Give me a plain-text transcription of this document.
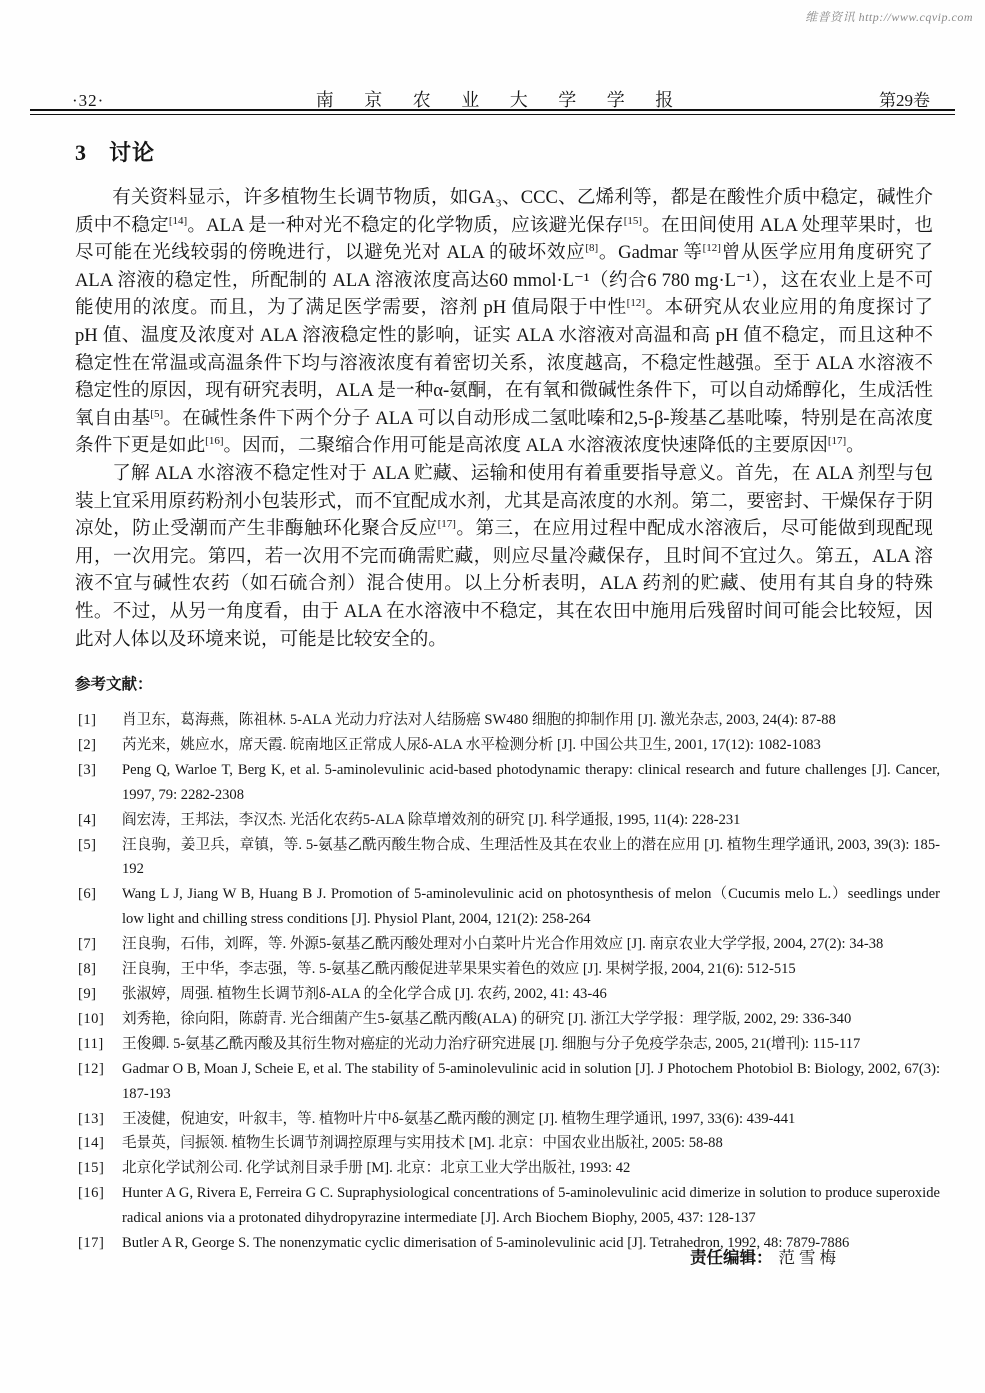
维普资讯 http://www.cqvip.com
·32·	南 京 农 业 大 学 学 报	第29卷
3 讨论

有关资料显示，许多植物生长调节物质，如GA₃、CCC、乙烯利等，都是在酸性介质中稳定，碱性介质中不稳定[14]。ALA 是一种对光不稳定的化学物质，应该避光保存[15]。在田间使用 ALA 处理苹果时，也尽可能在光线较弱的傍晚进行，以避免光对 ALA 的破坏效应[8]。Gadmar 等[12]曾从医学应用角度研究了 ALA 溶液的稳定性，所配制的 ALA 溶液浓度高达60 mmol·L⁻¹（约合6 780 mg·L⁻¹），这在农业上是不可能使用的浓度。而且，为了满足医学需要，溶剂 pH 值局限于中性[12]。本研究从农业应用的角度探讨了 pH 值、温度及浓度对 ALA 溶液稳定性的影响，证实 ALA 水溶液对高温和高 pH 值不稳定，而且这种不稳定性在常温或高温条件下均与溶液浓度有着密切关系，浓度越高，不稳定性越强。至于 ALA 水溶液不稳定性的原因，现有研究表明，ALA 是一种α-氨酮，在有氧和微碱性条件下，可以自动烯醇化，生成活性氧自由基[5]。在碱性条件下两个分子 ALA 可以自动形成二氢吡嗪和2,5-β-羧基乙基吡嗪，特别是在高浓度条件下更是如此[16]。因而，二聚缩合作用可能是高浓度 ALA 水溶液浓度快速降低的主要原因[17]。

了解 ALA 水溶液不稳定性对于 ALA 贮藏、运输和使用有着重要指导意义。首先，在 ALA 剂型与包装上宜采用原药粉剂小包装形式，而不宜配成水剂，尤其是高浓度的水剂。第二，要密封、干燥保存于阴凉处，防止受潮而产生非酶触环化聚合反应[17]。第三，在应用过程中配成水溶液后，尽可能做到现配现用，一次用完。第四，若一次用不完而确需贮藏，则应尽量冷藏保存，且时间不宜过久。第五，ALA 溶液不宜与碱性农药（如石硫合剂）混合使用。以上分析表明，ALA 药剂的贮藏、使用有其自身的特殊性。不过，从另一角度看，由于 ALA 在水溶液中不稳定，其在农田中施用后残留时间可能会比较短，因此对人体以及环境来说，可能是比较安全的。

参考文献：
[1]	肖卫东，葛海燕，陈祖林. 5-ALA 光动力疗法对人结肠癌 SW480 细胞的抑制作用 [J]. 激光杂志, 2003, 24(4): 87-88
[2]	芮光来，姚应水，席天霞. 皖南地区正常成人尿δ-ALA 水平检测分析 [J]. 中国公共卫生, 2001, 17(12): 1082-1083
[3]	Peng Q, Warloe T, Berg K, et al. 5-aminolevulinic acid-based photodynamic therapy: clinical research and future challenges [J]. Cancer, 1997, 79: 2282-2308
[4]	阎宏涛，王邦法，李汉杰. 光活化农药5-ALA 除草增效剂的研究 [J]. 科学通报, 1995, 11(4): 228-231
[5]	汪良驹，姜卫兵，章镇，等. 5-氨基乙酰丙酸生物合成、生理活性及其在农业上的潜在应用 [J]. 植物生理学通讯, 2003, 39(3): 185-192
[6]	Wang L J, Jiang W B, Huang B J. Promotion of 5-aminolevulinic acid on photosynthesis of melon（Cucumis melo L.）seedlings under low light and chilling stress conditions [J]. Physiol Plant, 2004, 121(2): 258-264
[7]	汪良驹，石伟，刘晖，等. 外源5-氨基乙酰丙酸处理对小白菜叶片光合作用效应 [J]. 南京农业大学学报, 2004, 27(2): 34-38
[8]	汪良驹，王中华，李志强，等. 5-氨基乙酰丙酸促进苹果果实着色的效应 [J]. 果树学报, 2004, 21(6): 512-515
[9]	张淑婷，周强. 植物生长调节剂δ-ALA 的全化学合成 [J]. 农药, 2002, 41: 43-46
[10]	刘秀艳，徐向阳，陈蔚青. 光合细菌产生5-氨基乙酰丙酸(ALA) 的研究 [J]. 浙江大学学报：理学版, 2002, 29: 336-340
[11]	王俊卿. 5-氨基乙酰丙酸及其衍生物对癌症的光动力治疗研究进展 [J]. 细胞与分子免疫学杂志, 2005, 21(增刊): 115-117
[12]	Gadmar O B, Moan J, Scheie E, et al. The stability of 5-aminolevulinic acid in solution [J]. J Photochem Photobiol B: Biology, 2002, 67(3): 187-193
[13]	王凌健，倪迪安，叶叙丰，等. 植物叶片中δ-氨基乙酰丙酸的测定 [J]. 植物生理学通讯, 1997, 33(6): 439-441
[14]	毛景英，闫振领. 植物生长调节剂调控原理与实用技术 [M]. 北京：中国农业出版社, 2005: 58-88
[15]	北京化学试剂公司. 化学试剂目录手册 [M]. 北京：北京工业大学出版社, 1993: 42
[16]	Hunter A G, Rivera E, Ferreira G C. Supraphysiological concentrations of 5-aminolevulinic acid dimerize in solution to produce superoxide radical anions via a protonated dihydropyrazine intermediate [J]. Arch Biochem Biophy, 2005, 437: 128-137
[17]	Butler A R, George S. The nonenzymatic cyclic dimerisation of 5-aminolevulinic acid [J]. Tetrahedron, 1992, 48: 7879-7886
责任编辑： 范雪梅
